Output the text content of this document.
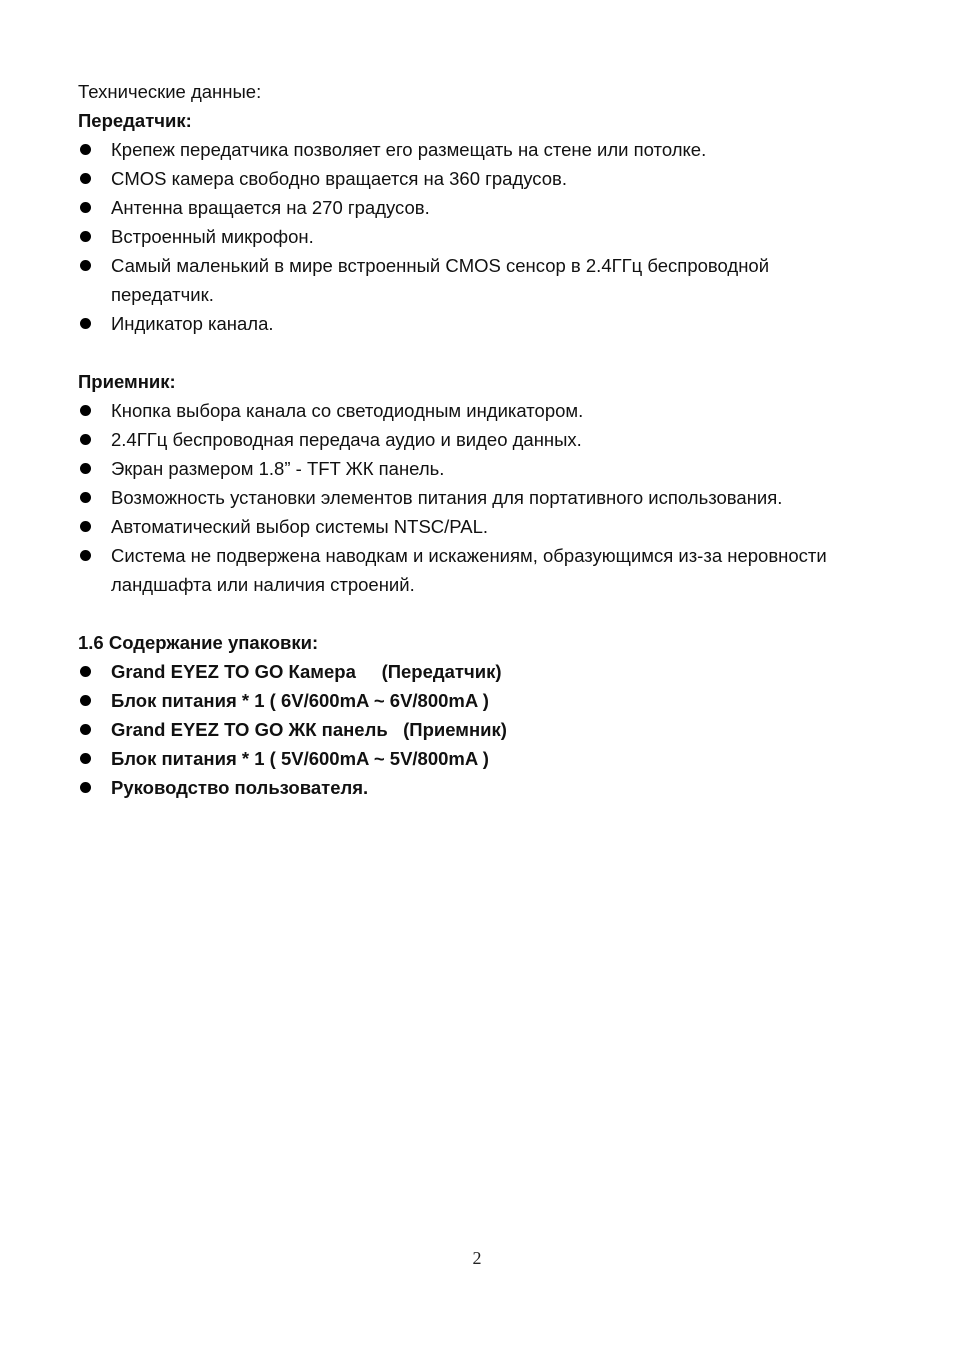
Технические данные:

Передатчик:

Крепеж передатчика позволяет его размещать на стене или потолке.
CMOS камера свободно вращается на 360 градусов.
Антенна вращается на 270 градусов.
Встроенный микрофон.
Самый маленький в мире встроенный CMOS сенсор в 2.4ГГц беспроводной
передатчик.
Индикатор канала.

Приемник:

Кнопка выбора канала со светодиодным индикатором.
2.4ГГц беспроводная передача аудио и видео данных.
Экран размером 1.8” - TFT ЖК панель.
Возможность установки элементов питания для портативного использования.
Автоматический выбор системы NTSC/PAL.
Система не подвержена наводкам и искажениям, образующимся из-за неровности
ландшафта или наличия строений.

1.6 Содержание упаковки:

Grand EYEZ TO GO Камера     (Передатчик)
Блок питания * 1 ( 6V/600mA ~ 6V/800mA )
Grand EYEZ TO GO ЖК панель   (Приемник)
Блок питания * 1 ( 5V/600mA ~ 5V/800mA )
Руководство пользователя.
2
